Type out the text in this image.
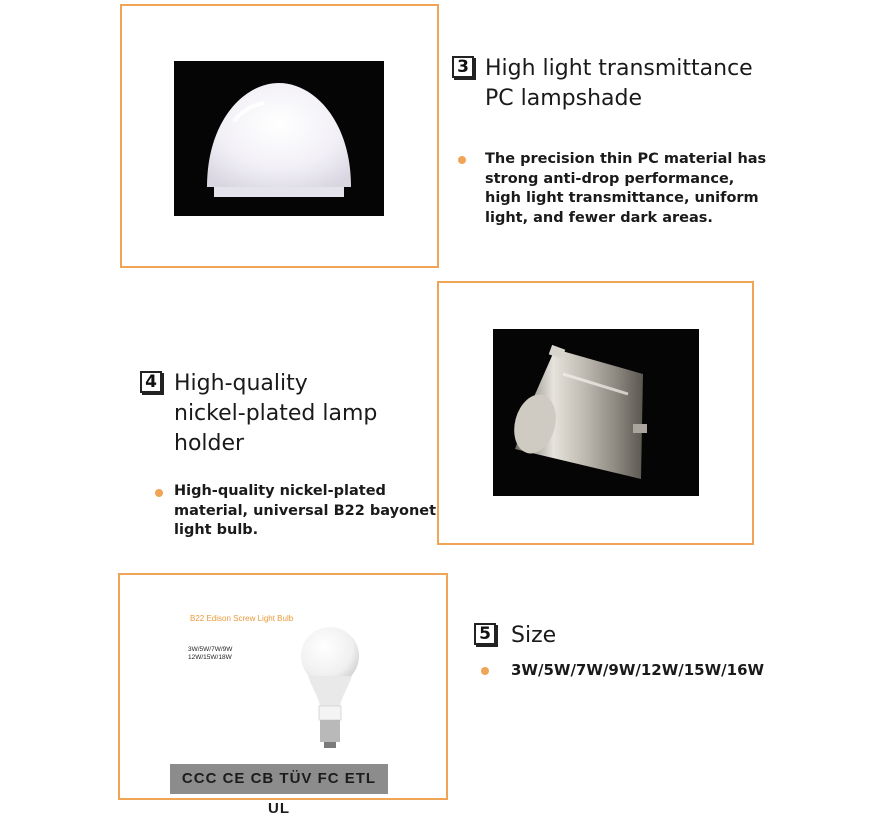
3 High light transmittance
PC lampshade
The precision thin PC material has
strong anti-drop performance,
high light transmittance, uniform
light, and fewer dark areas.
4 High-quality
nickel-plated lamp
holder
High-quality nickel-plated
material, universal B22 bayonet
light bulb.
B22 Edison Screw Light Bulb
3W/5W/7W/9W
12W/15W/18W
CCC CE CB TÜV FC ETL UL
5 Size
3W/5W/7W/9W/12W/15W/16W
